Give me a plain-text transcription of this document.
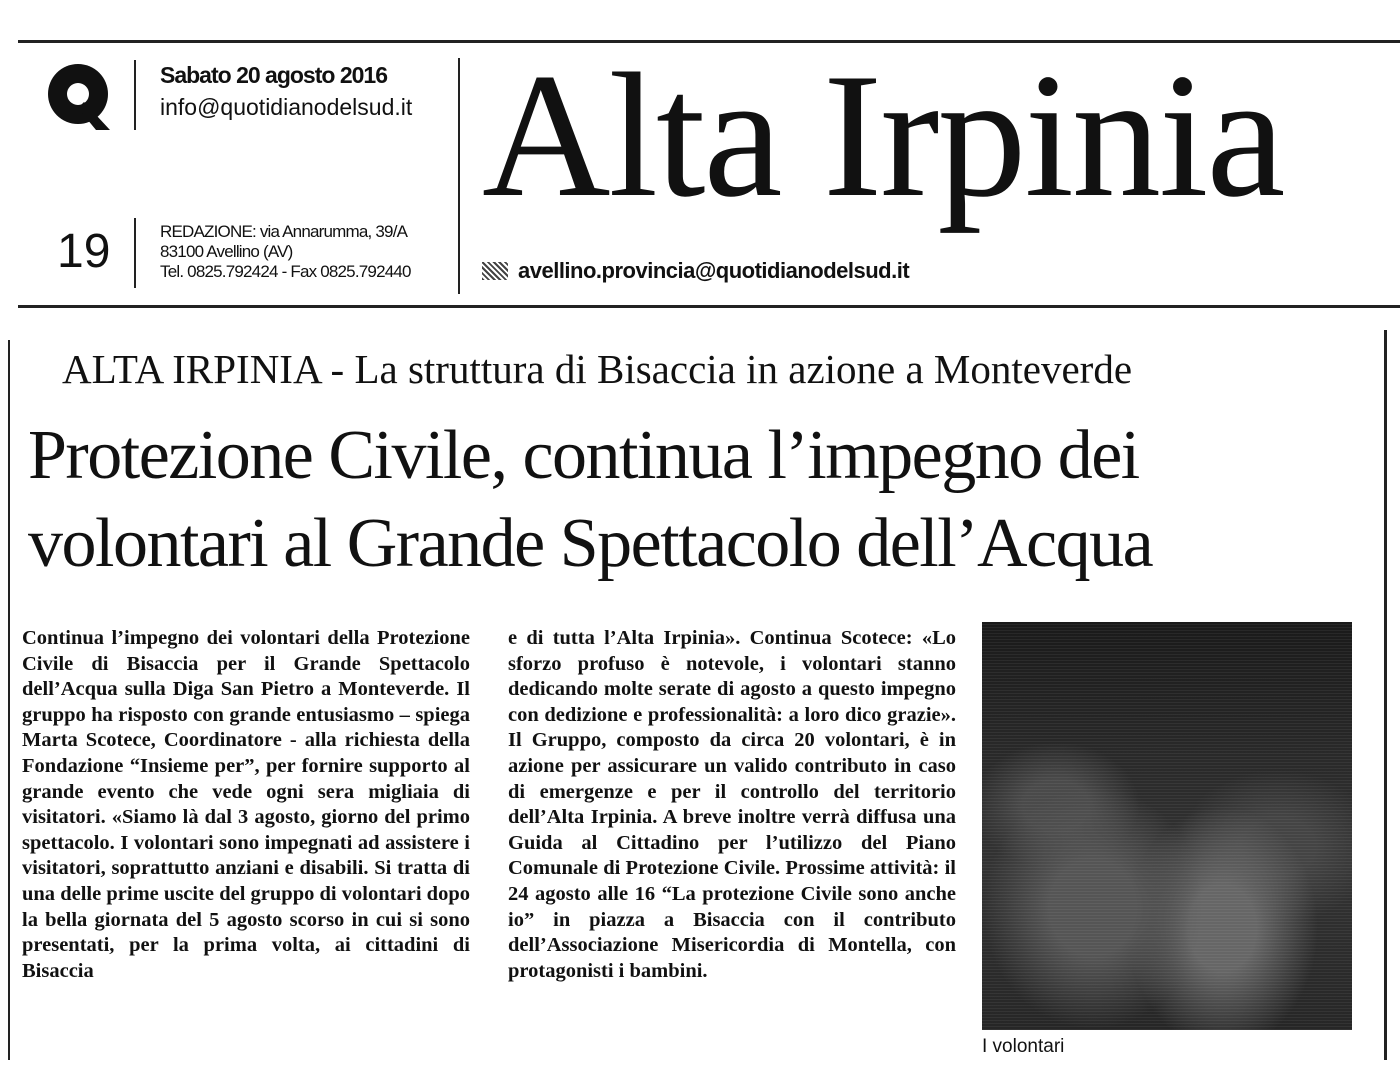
Sabato 20 agosto 2016
info@quotidianodelsud.it
19	REDAZIONE: via Annarumma, 39/A
83100 Avellino (AV)
Tel. 0825.792424 - Fax 0825.792440
Alta Irpinia
avellino.provincia@quotidianodelsud.it
ALTA IRPINIA - La struttura di Bisaccia in azione a Monteverde
Protezione Civile, continua l’impegno dei
volontari al Grande Spettacolo dell’Acqua
Continua l’impegno dei volontari della Protezione Civile di Bisaccia per il Grande Spettacolo dell’Acqua sulla Diga San Pietro a Monteverde. Il gruppo ha risposto con grande entusiasmo – spiega Marta Scotece, Coordinatore - alla richiesta della Fondazione “Insieme per”, per fornire supporto al grande evento che vede ogni sera migliaia di visitatori. «Siamo là dal 3 agosto, giorno del primo spettacolo. I volontari sono impegnati ad assistere i visitatori, soprattutto anziani e disabili. Si tratta di una delle prime uscite del gruppo di volontari dopo la bella giornata del 5 agosto scorso in cui si sono presentati, per la prima volta, ai cittadini di Bisaccia
e di tutta l’Alta Irpinia». Continua Scotece: «Lo sforzo profuso è notevole, i volontari stanno dedicando molte serate di agosto a questo impegno con dedizione e professionalità: a loro dico grazie». Il Gruppo, composto da circa 20 volontari, è in azione per assicurare un valido contributo in caso di emergenze e per il controllo del territorio dell’Alta Irpinia. A breve inoltre verrà diffusa una Guida al Cittadino per l’utilizzo del Piano Comunale di Protezione Civile. Prossime attività: il 24 agosto alle 16 “La protezione Civile sono anche io” in piazza a Bisaccia con il contributo dell’Associazione Misericordia di Montella, con protagonisti i bambini.
I volontari
